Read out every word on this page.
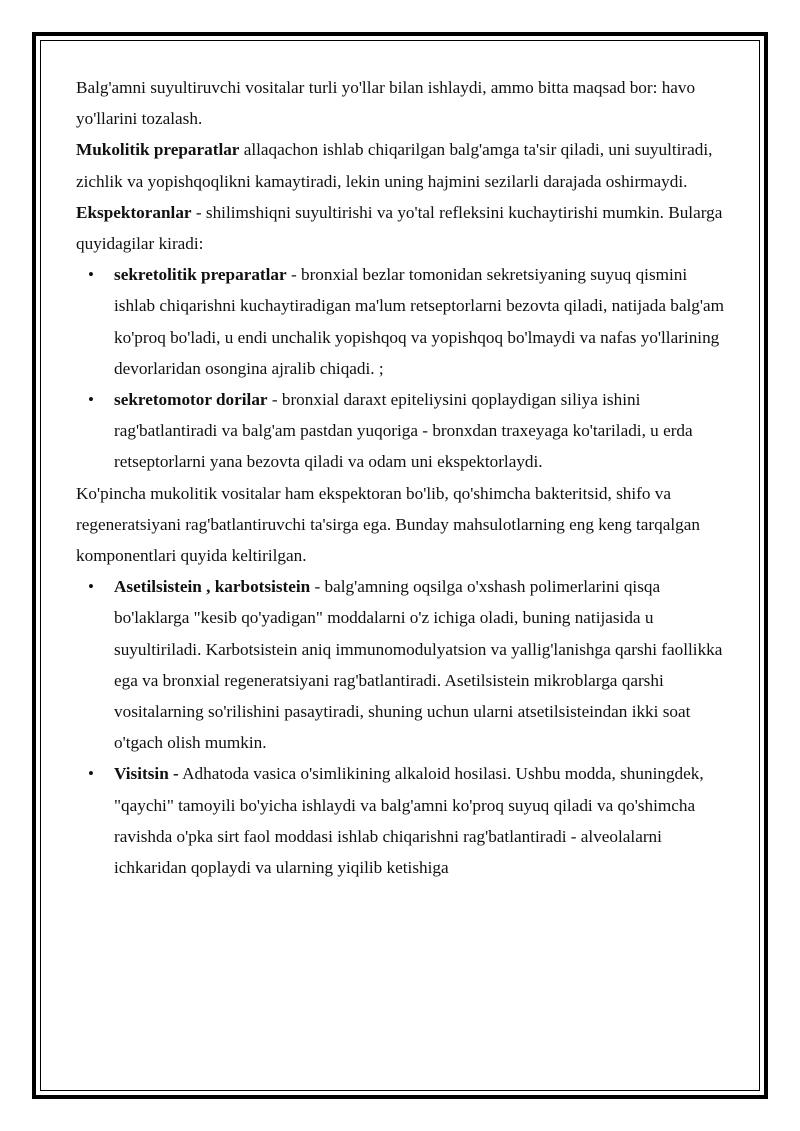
Balg'amni suyultiruvchi vositalar turli yo'llar bilan ishlaydi, ammo bitta maqsad bor: havo yo'llarini tozalash.

Mukolitik preparatlar allaqachon ishlab chiqarilgan balg'amga ta'sir qiladi, uni suyultiradi, zichlik va yopishqoqlikni kamaytiradi, lekin uning hajmini sezilarli darajada oshirmaydi.

Ekspektoranlar - shilimshiqni suyultirishi va yo'tal refleksini kuchaytirishi mumkin. Bularga quyidagilar kiradi:

• sekretolitik preparatlar - bronxial bezlar tomonidan sekretsiyaning suyuq qismini ishlab chiqarishni kuchaytiradigan ma'lum retseptorlarni bezovta qiladi, natijada balg'am ko'proq bo'ladi, u endi unchalik yopishqoq va yopishqoq bo'lmaydi va nafas yo'llarining devorlaridan osongina ajralib chiqadi. ;
• sekretomotor dorilar - bronxial daraxt epiteliysini qoplaydigan siliya ishini rag'batlantiradi va balg'am pastdan yuqoriga - bronxdan traxeyaga ko'tariladi, u erda retseptorlarni yana bezovta qiladi va odam uni ekspektorlaydi.

Ko'pincha mukolitik vositalar ham ekspektoran bo'lib, qo'shimcha bakteritsid, shifo va regeneratsiyani rag'batlantiruvchi ta'sirga ega. Bunday mahsulotlarning eng keng tarqalgan komponentlari quyida keltirilgan.

• Asetilsistein , karbotsistein - balg'amning oqsilga o'xshash polimerlarini qisqa bo'laklarga "kesib qo'yadigan" moddalarni o'z ichiga oladi, buning natijasida u suyultiriladi. Karbotsistein aniq immunomodulyatsion va yallig'lanishga qarshi faollikka ega va bronxial regeneratsiyani rag'batlantiradi. Asetilsistein mikroblarga qarshi vositalarning so'rilishini pasaytiradi, shuning uchun ularni atsetilsisteindan ikki soat o'tgach olish mumkin.
• Visitsin - Adhatoda vasica o'simlikining alkaloid hosilasi. Ushbu modda, shuningdek, "qaychi" tamoyili bo'yicha ishlaydi va balg'amni ko'proq suyuq qiladi va qo'shimcha ravishda o'pka sirt faol moddasi ishlab chiqarishni rag'batlantiradi - alveolalarni ichkaridan qoplaydi va ularning yiqilib ketishiga
